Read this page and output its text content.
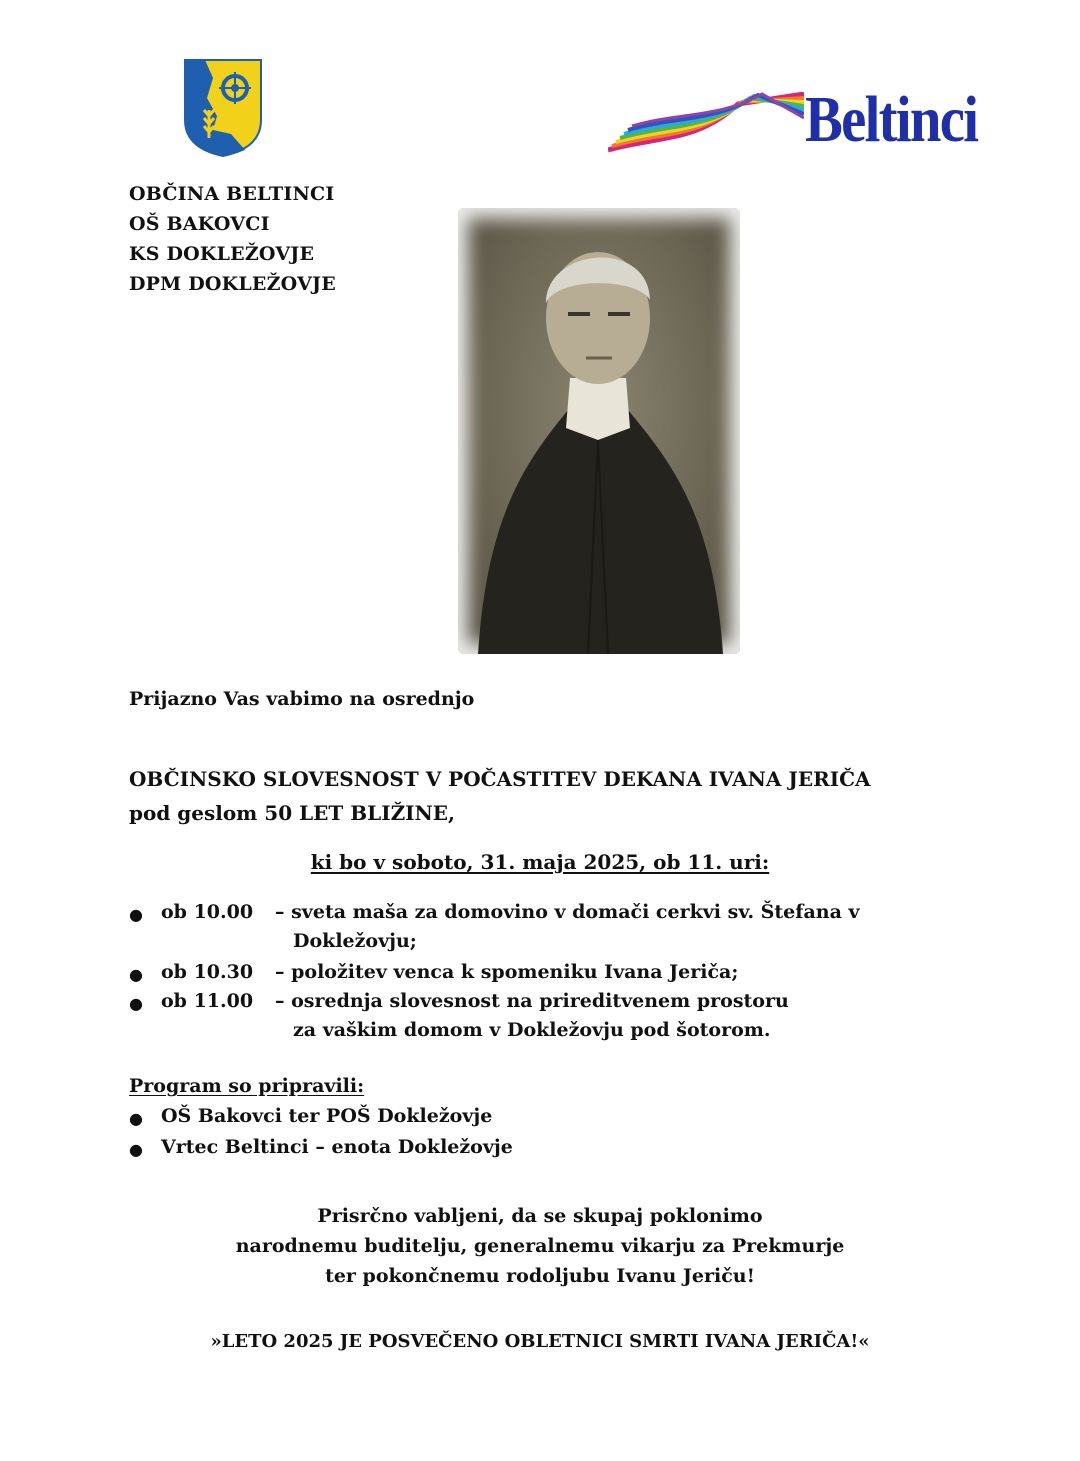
Beltinci
OBČINA BELTINCI
OŠ BAKOVCI
KS DOKLEŽOVJE
DPM DOKLEŽOVJE
Prijazno Vas vabimo na osrednjo
OBČINSKO SLOVESNOST V POČASTITEV DEKANA IVANA JERIČA
pod geslom 50 LET BLIŽINE,
ki bo v soboto, 31. maja 2025, ob 11. uri:
● ob 10.00 – sveta maša za domovino v domači cerkvi sv. Štefana v
Dokležovju;
● ob 10.30 – položitev venca k spomeniku Ivana Jeriča;
● ob 11.00 – osrednja slovesnost na prireditvenem prostoru
za vaškim domom v Dokležovju pod šotorom.
Program so pripravili:
● OŠ Bakovci ter POŠ Dokležovje
● Vrtec Beltinci – enota Dokležovje
Prisrčno vabljeni, da se skupaj poklonimo
narodnemu buditelju, generalnemu vikarju za Prekmurje
ter pokončnemu rodoljubu Ivanu Jeriču!
»LETO 2025 JE POSVEČENO OBLETNICI SMRTI IVANA JERIČA!«
